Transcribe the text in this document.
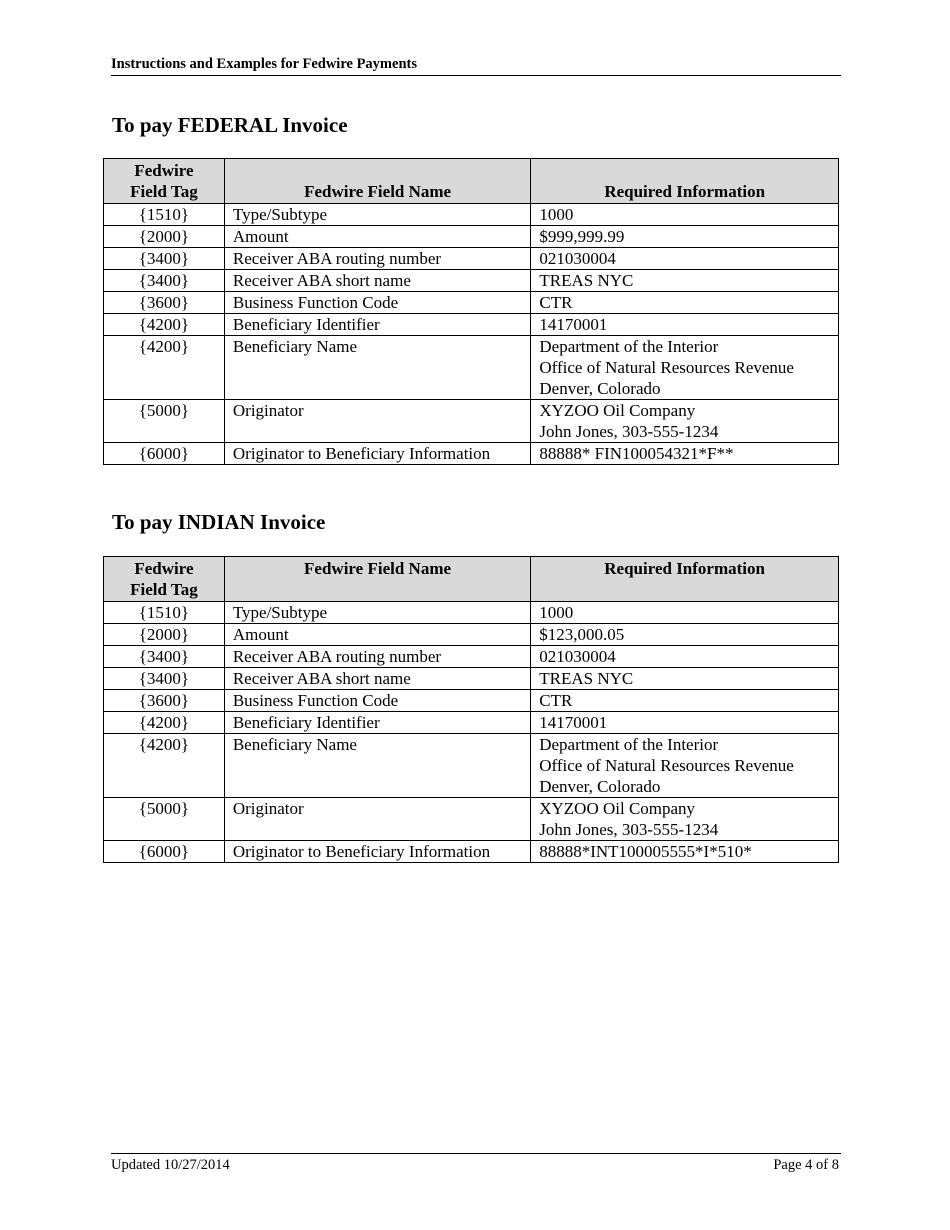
Instructions and Examples for Fedwire Payments
To pay FEDERAL Invoice
Fedwire
Field Tag	Fedwire Field Name	Required Information
{1510}	Type/Subtype	1000

{2000}	Amount	$999,999.99

{3400}	Receiver ABA routing number	021030004

{3400}	Receiver ABA short name	TREAS NYC

{3600}	Business Function Code	CTR

{4200}	Beneficiary Identifier	14170001

{4200}	Beneficiary Name	Department of the Interior
Office of Natural Resources Revenue
Denver, Colorado

{5000}	Originator	XYZOO Oil Company
John Jones, 303-555-1234

{6000}	Originator to Beneficiary Information	88888* FIN100054321*F**
To pay INDIAN Invoice
Fedwire
Field Tag	Fedwire Field Name	Required Information
{1510}	Type/Subtype	1000

{2000}	Amount	$123,000.05

{3400}	Receiver ABA routing number	021030004

{3400}	Receiver ABA short name	TREAS NYC

{3600}	Business Function Code	CTR

{4200}	Beneficiary Identifier	14170001

{4200}	Beneficiary Name	Department of the Interior
Office of Natural Resources Revenue
Denver, Colorado

{5000}	Originator	XYZOO Oil Company
John Jones, 303-555-1234

{6000}	Originator to Beneficiary Information	88888*INT100005555*I*510*
Updated 10/27/2014	Page 4 of 8
